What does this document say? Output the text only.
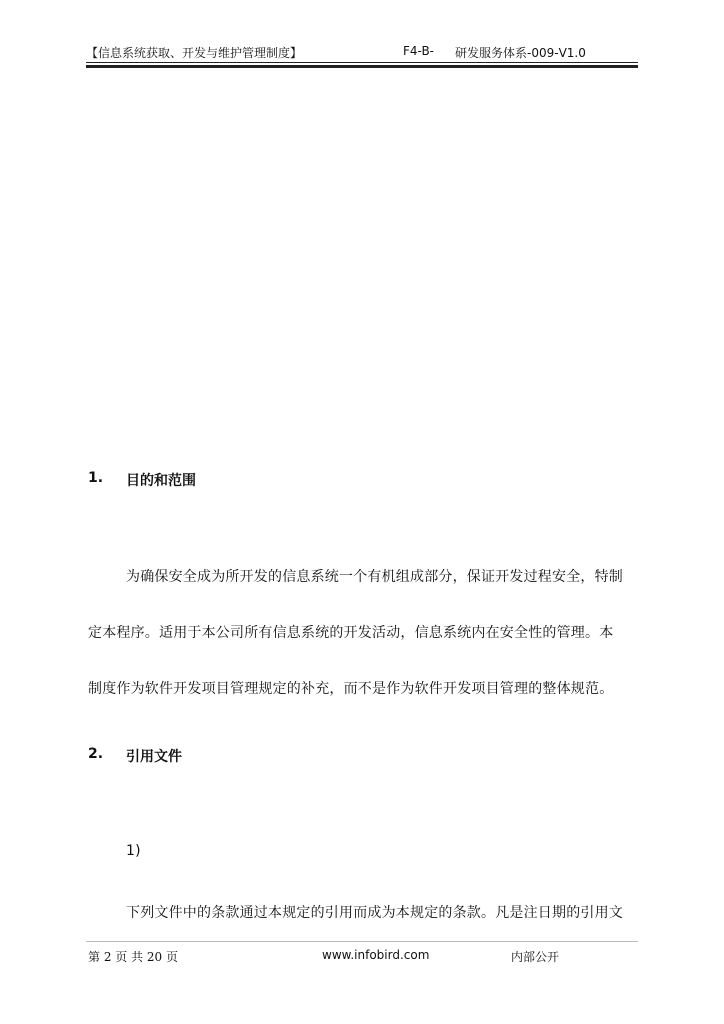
【信息系统获取、开发与维护管理制度】	F4-B- 研发服务体系-009-V1.0
1. 目的和范围
为确保安全成为所开发的信息系统一个有机组成部分，保证开发过程安全，特制
定本程序。适用于本公司所有信息系统的开发活动，信息系统内在安全性的管理。本
制度作为软件开发项目管理规定的补充，而不是作为软件开发项目管理的整体规范。
2. 引用文件
1)
下列文件中的条款通过本规定的引用而成为本规定的条款。凡是注日期的引用文
第 2 页 共 20 页	www.infobird.com	内部公开
